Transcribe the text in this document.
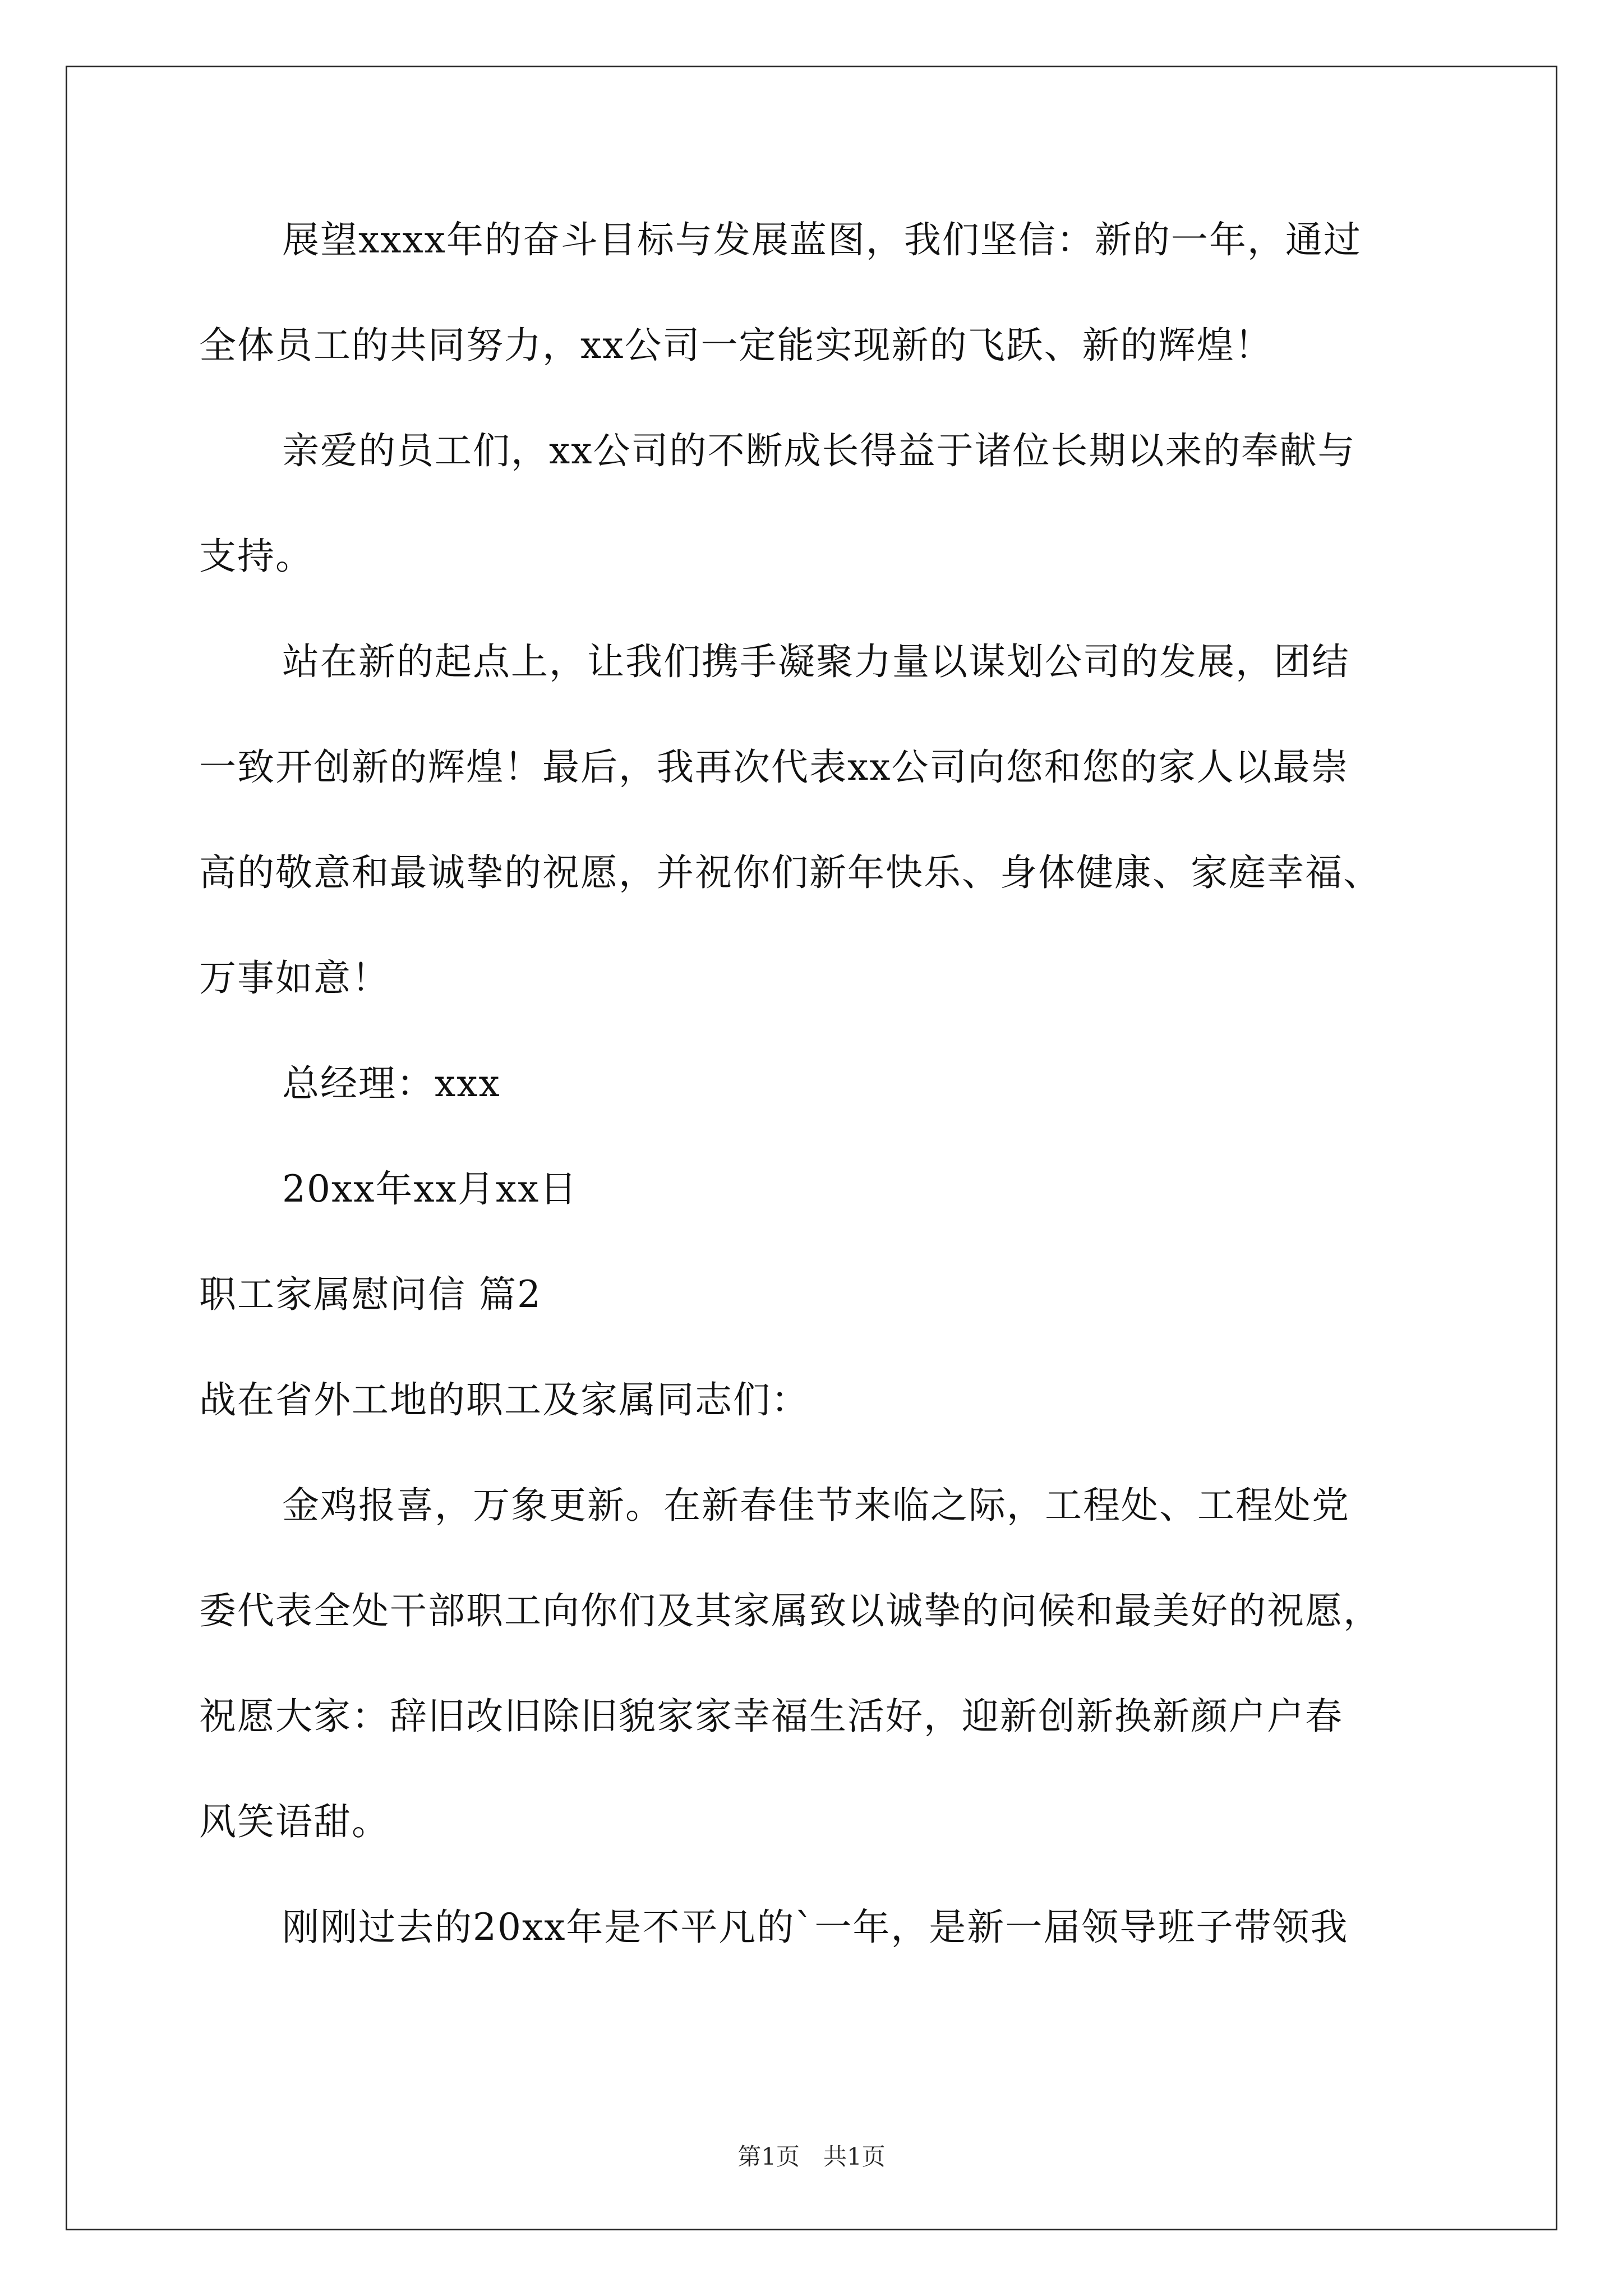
展望xxxx年的奋斗目标与发展蓝图，我们坚信：新的一年，通过
全体员工的共同努力，xx公司一定能实现新的飞跃、新的辉煌！
亲爱的员工们，xx公司的不断成长得益于诸位长期以来的奉献与
支持。
站在新的起点上，让我们携手凝聚力量以谋划公司的发展，团结
一致开创新的辉煌！最后，我再次代表xx公司向您和您的家人以最崇
高的敬意和最诚挚的祝愿，并祝你们新年快乐、身体健康、家庭幸福、
万事如意！
总经理：xxx
20xx年xx月xx日
职工家属慰问信 篇2
战在省外工地的职工及家属同志们：
金鸡报喜，万象更新。在新春佳节来临之际，工程处、工程处党
委代表全处干部职工向你们及其家属致以诚挚的问候和最美好的祝愿，
祝愿大家：辞旧改旧除旧貌家家幸福生活好，迎新创新换新颜户户春
风笑语甜。
刚刚过去的20xx年是不平凡的`一年，是新一届领导班子带领我
第1页　共1页
